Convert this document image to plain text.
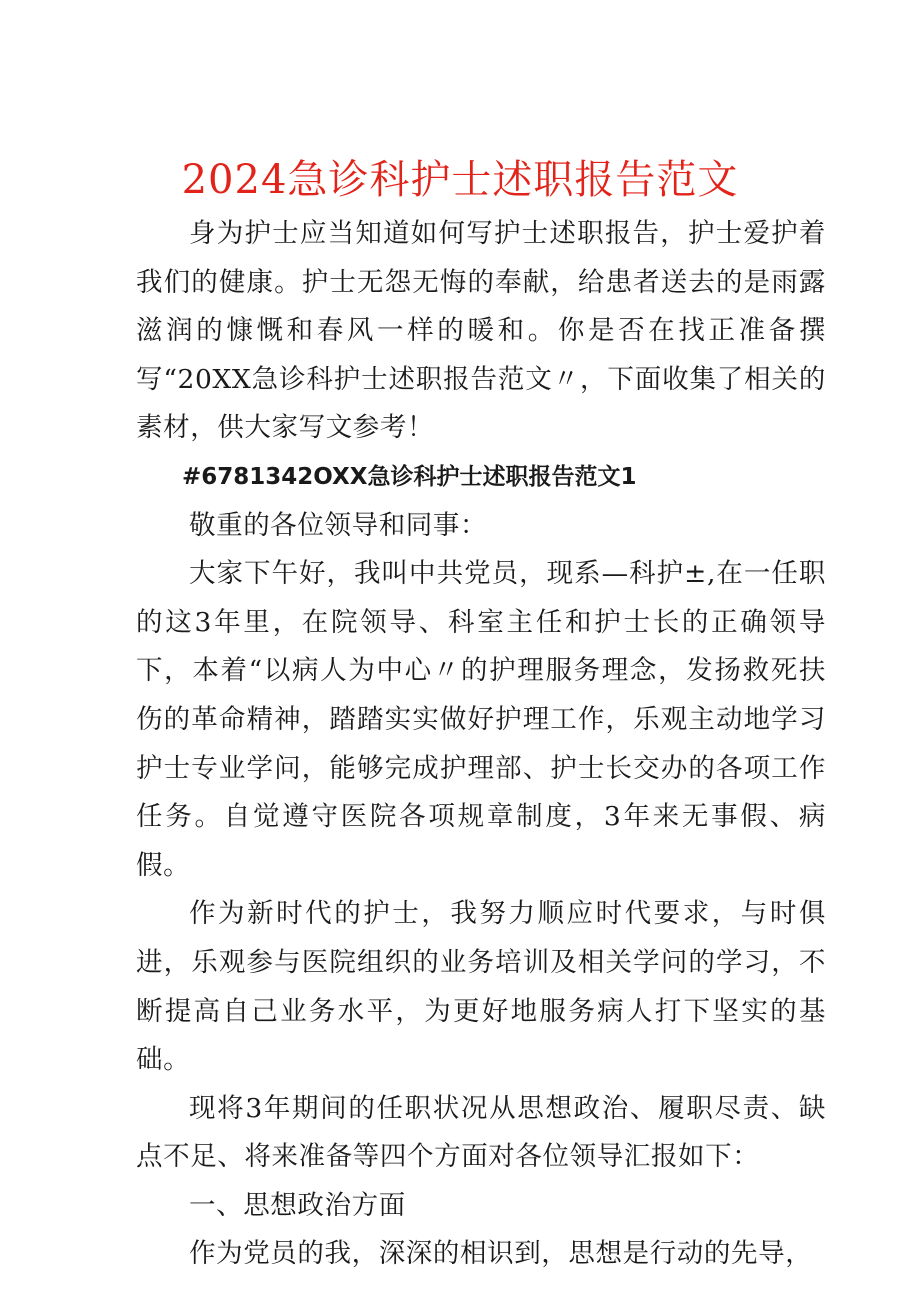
2024急诊科护士述职报告范文

身为护士应当知道如何写护士述职报告，护士爱护着我们的健康。护士无怨无悔的奉献，给患者送去的是雨露滋润的慷慨和春风一样的暖和。你是否在找正准备撰写“20XX急诊科护士述职报告范文〃，下面收集了相关的素材，供大家写文参考！

#6781342OXX急诊科护士述职报告范文1

敬重的各位领导和同事：

大家下午好，我叫中共党员，现系—科护±,在一任职的这3年里，在院领导、科室主任和护士长的正确领导下，本着“以病人为中心〃的护理服务理念，发扬救死扶伤的革命精神，踏踏实实做好护理工作，乐观主动地学习护士专业学问，能够完成护理部、护士长交办的各项工作任务。自觉遵守医院各项规章制度，3年来无事假、病假。

作为新时代的护士，我努力顺应时代要求，与时俱进，乐观参与医院组织的业务培训及相关学问的学习，不断提高自己业务水平，为更好地服务病人打下坚实的基础。

现将3年期间的任职状况从思想政治、履职尽责、缺点不足、将来准备等四个方面对各位领导汇报如下：

一、思想政治方面

作为党员的我，深深的相识到，思想是行动的先导，
